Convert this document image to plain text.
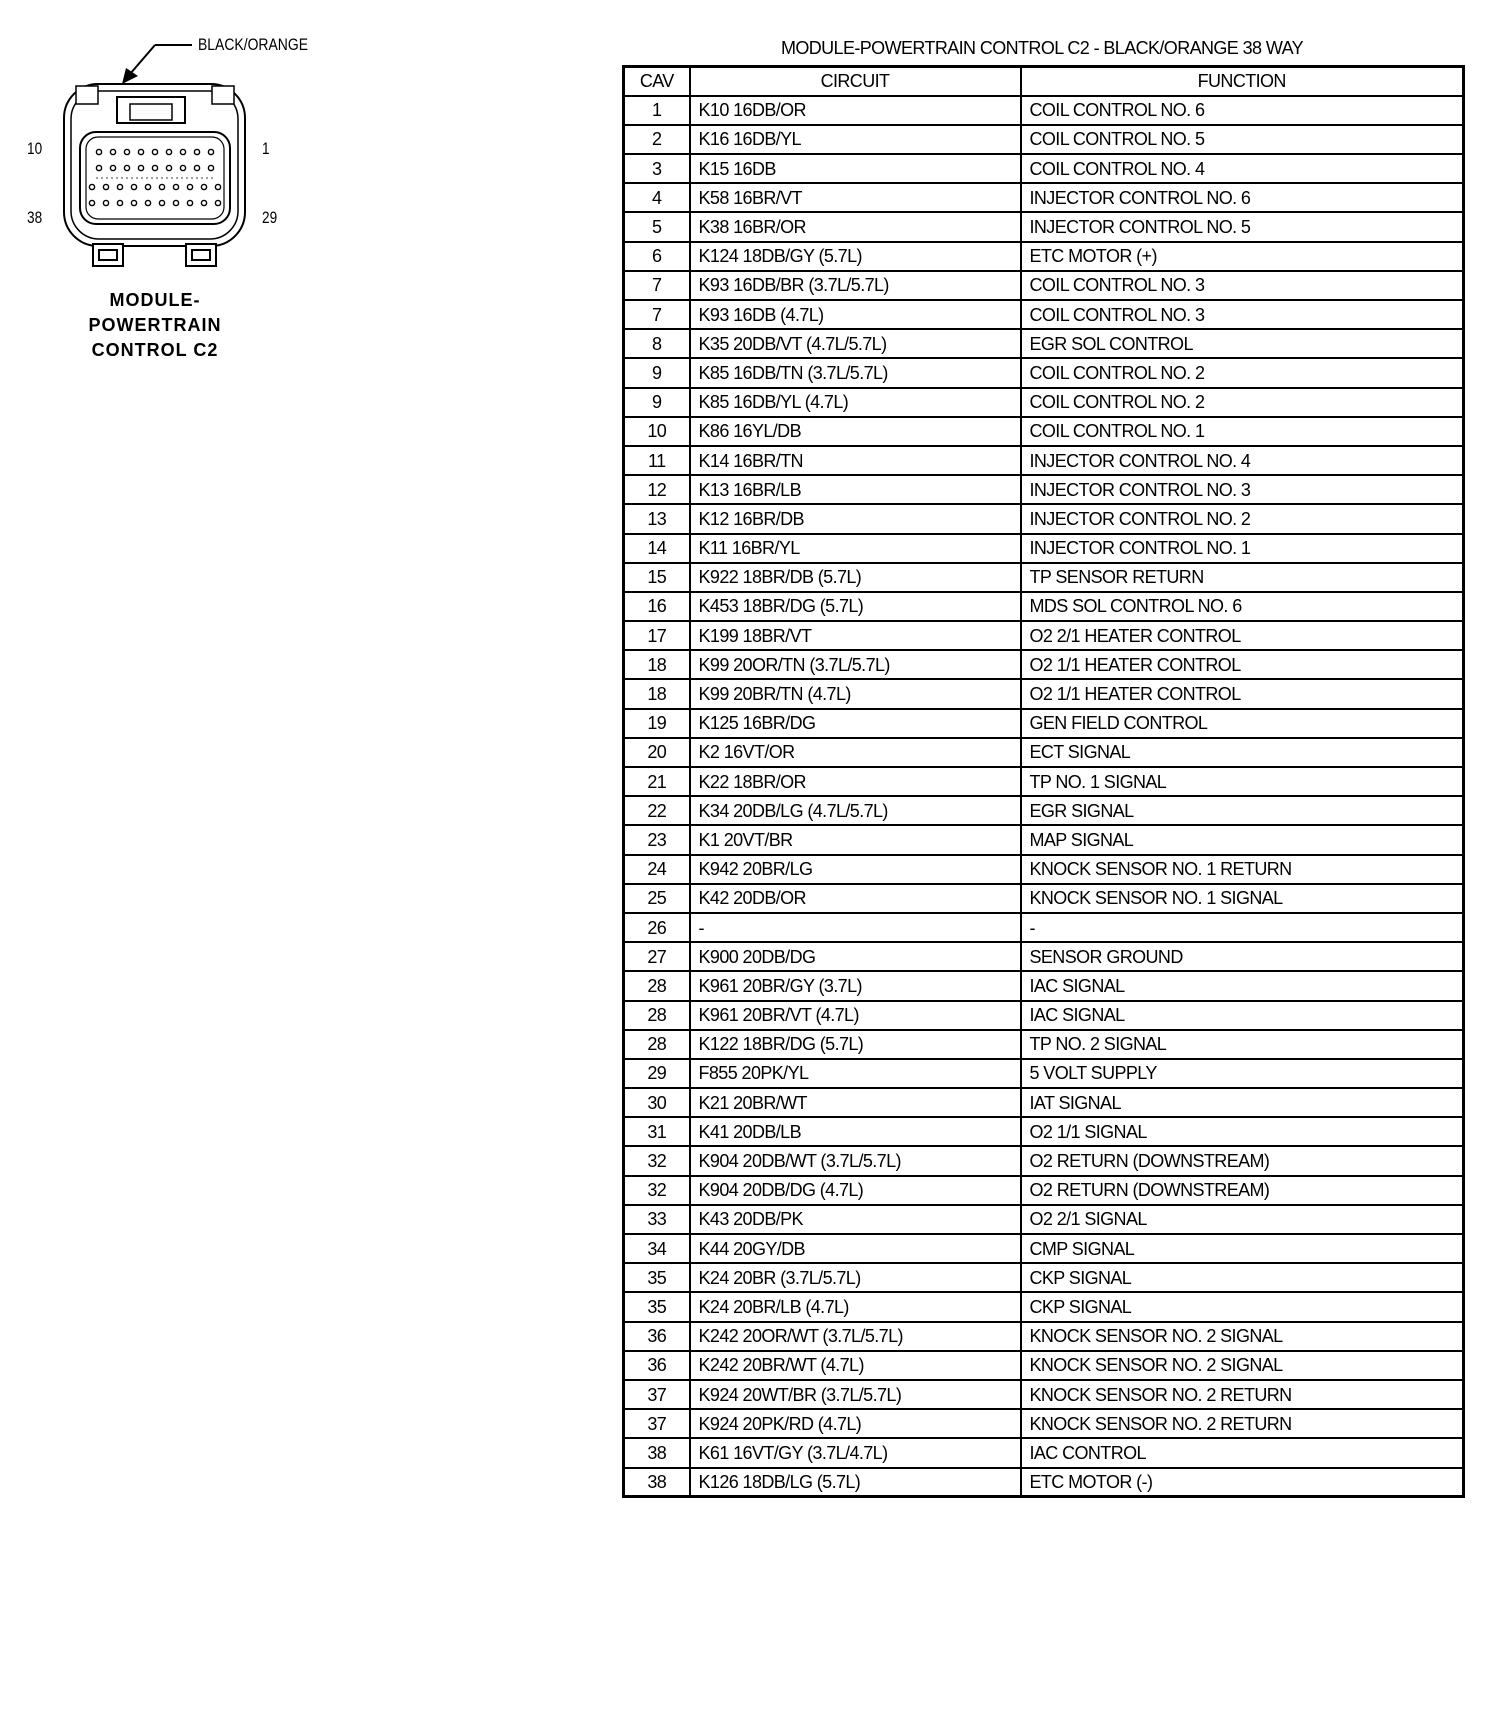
BLACK/ORANGE
10	1
38	29
MODULE-
POWERTRAIN
CONTROL C2
MODULE-POWERTRAIN CONTROL C2 - BLACK/ORANGE 38 WAY
CAV	CIRCUIT	FUNCTION
1	K10 16DB/OR	COIL CONTROL NO. 6
2	K16 16DB/YL	COIL CONTROL NO. 5
3	K15 16DB	COIL CONTROL NO. 4
4	K58 16BR/VT	INJECTOR CONTROL NO. 6
5	K38 16BR/OR	INJECTOR CONTROL NO. 5
6	K124 18DB/GY (5.7L)	ETC MOTOR (+)
7	K93 16DB/BR (3.7L/5.7L)	COIL CONTROL NO. 3
7	K93 16DB (4.7L)	COIL CONTROL NO. 3
8	K35 20DB/VT (4.7L/5.7L)	EGR SOL CONTROL
9	K85 16DB/TN (3.7L/5.7L)	COIL CONTROL NO. 2
9	K85 16DB/YL (4.7L)	COIL CONTROL NO. 2
10	K86 16YL/DB	COIL CONTROL NO. 1
11	K14 16BR/TN	INJECTOR CONTROL NO. 4
12	K13 16BR/LB	INJECTOR CONTROL NO. 3
13	K12 16BR/DB	INJECTOR CONTROL NO. 2
14	K11 16BR/YL	INJECTOR CONTROL NO. 1
15	K922 18BR/DB (5.7L)	TP SENSOR RETURN
16	K453 18BR/DG (5.7L)	MDS SOL CONTROL NO. 6
17	K199 18BR/VT	O2 2/1 HEATER CONTROL
18	K99 20OR/TN (3.7L/5.7L)	O2 1/1 HEATER CONTROL
18	K99 20BR/TN (4.7L)	O2 1/1 HEATER CONTROL
19	K125 16BR/DG	GEN FIELD CONTROL
20	K2 16VT/OR	ECT SIGNAL
21	K22 18BR/OR	TP NO. 1 SIGNAL
22	K34 20DB/LG (4.7L/5.7L)	EGR SIGNAL
23	K1 20VT/BR	MAP SIGNAL
24	K942 20BR/LG	KNOCK SENSOR NO. 1 RETURN
25	K42 20DB/OR	KNOCK SENSOR NO. 1 SIGNAL
26	-	-
27	K900 20DB/DG	SENSOR GROUND
28	K961 20BR/GY (3.7L)	IAC SIGNAL
28	K961 20BR/VT (4.7L)	IAC SIGNAL
28	K122 18BR/DG (5.7L)	TP NO. 2 SIGNAL
29	F855 20PK/YL	5 VOLT SUPPLY
30	K21 20BR/WT	IAT SIGNAL
31	K41 20DB/LB	O2 1/1 SIGNAL
32	K904 20DB/WT (3.7L/5.7L)	O2 RETURN (DOWNSTREAM)
32	K904 20DB/DG (4.7L)	O2 RETURN (DOWNSTREAM)
33	K43 20DB/PK	O2 2/1 SIGNAL
34	K44 20GY/DB	CMP SIGNAL
35	K24 20BR (3.7L/5.7L)	CKP SIGNAL
35	K24 20BR/LB (4.7L)	CKP SIGNAL
36	K242 20OR/WT (3.7L/5.7L)	KNOCK SENSOR NO. 2 SIGNAL
36	K242 20BR/WT (4.7L)	KNOCK SENSOR NO. 2 SIGNAL
37	K924 20WT/BR (3.7L/5.7L)	KNOCK SENSOR NO. 2 RETURN
37	K924 20PK/RD (4.7L)	KNOCK SENSOR NO. 2 RETURN
38	K61 16VT/GY (3.7L/4.7L)	IAC CONTROL
38	K126 18DB/LG (5.7L)	ETC MOTOR (-)
